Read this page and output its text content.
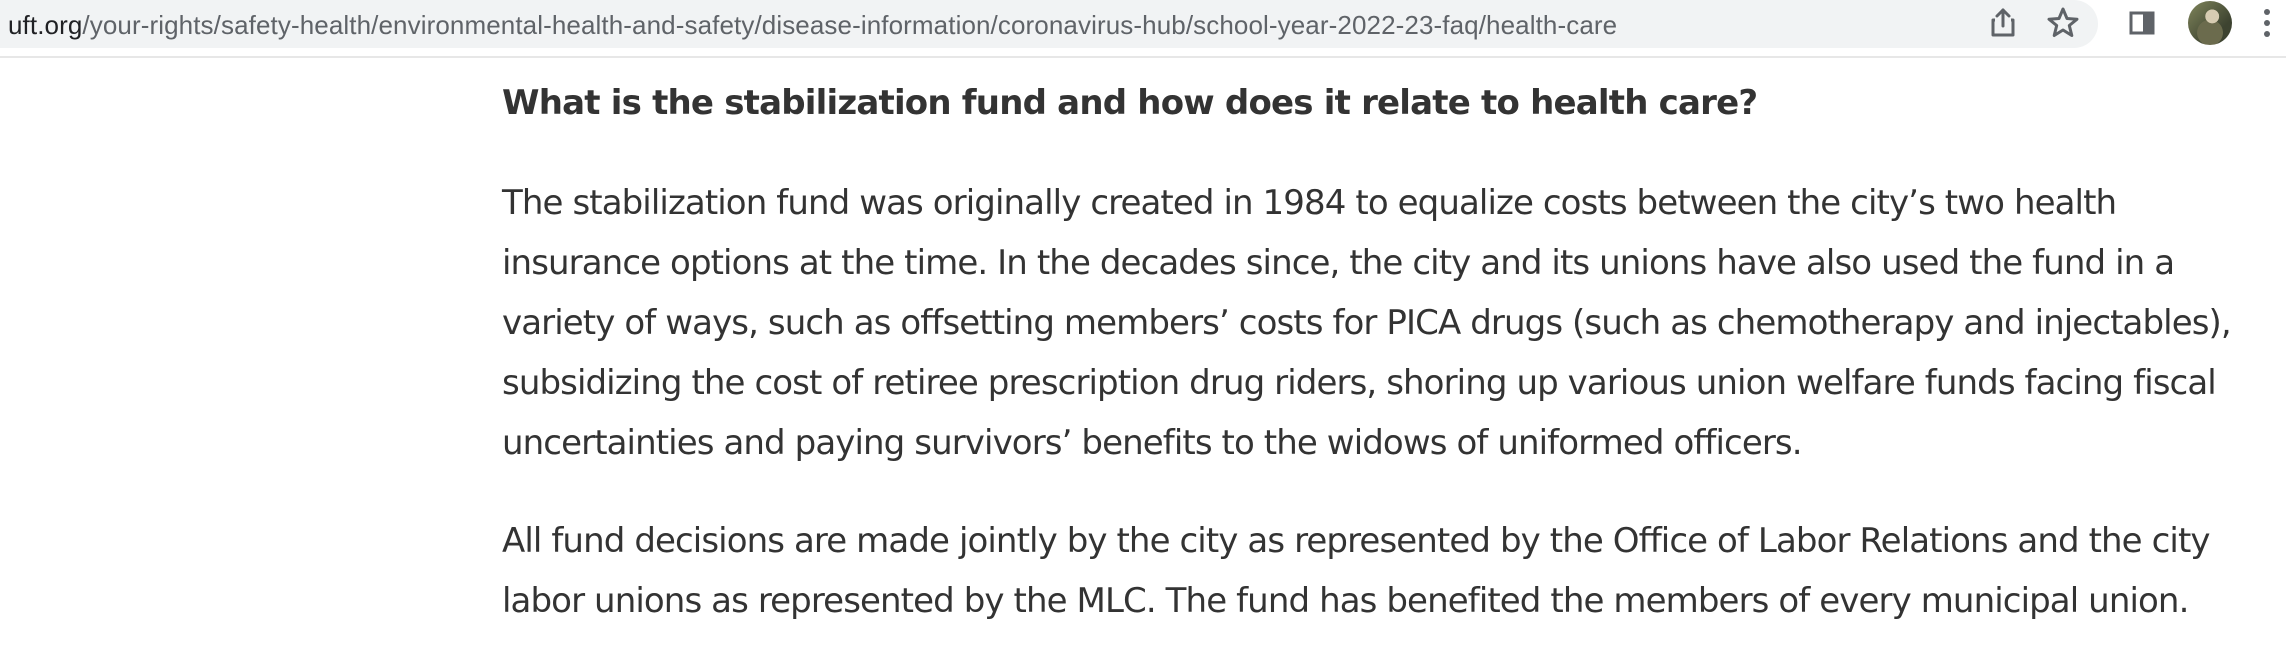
uft.org/your-rights/safety-health/environmental-health-and-safety/disease-information/coronavirus-hub/school-year-2022-23-faq/health-care
What is the stabilization fund and how does it relate to health care?
The stabilization fund was originally created in 1984 to equalize costs between the city’s two health
insurance options at the time. In the decades since, the city and its unions have also used the fund in a
variety of ways, such as offsetting members’ costs for PICA drugs (such as chemotherapy and injectables),
subsidizing the cost of retiree prescription drug riders, shoring up various union welfare funds facing fiscal
uncertainties and paying survivors’ benefits to the widows of uniformed officers.
All fund decisions are made jointly by the city as represented by the Office of Labor Relations and the city
labor unions as represented by the MLC. The fund has benefited the members of every municipal union.
